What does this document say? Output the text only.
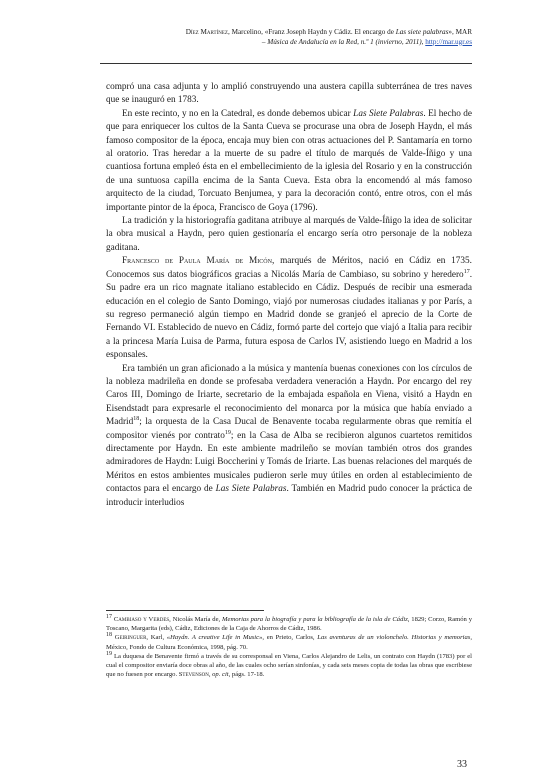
Díez Martínez, Marcelino, «Franz Joseph Haydn y Cádiz. El encargo de Las siete palabras», MAR
– Música de Andalucía en la Red, n.º 1 (invierno, 2011), http://mar.ugr.es

compró una casa adjunta y lo amplió construyendo una austera capilla subterránea de tres naves que se inauguró en 1783.

En este recinto, y no en la Catedral, es donde debemos ubicar Las Siete Palabras. El hecho de que para enriquecer los cultos de la Santa Cueva se procurase una obra de Joseph Haydn, el más famoso compositor de la época, encaja muy bien con otras actuaciones del P. Santamaría en torno al oratorio. Tras heredar a la muerte de su padre el título de marqués de Valde-Íñigo y una cuantiosa fortuna empleó ésta en el embellecimiento de la iglesia del Rosario y en la construcción de una suntuosa capilla encima de la Santa Cueva. Esta obra la encomendó al más famoso arquitecto de la ciudad, Torcuato Benjumea, y para la decoración contó, entre otros, con el más importante pintor de la época, Francisco de Goya (1796).

La tradición y la historiografía gaditana atribuye al marqués de Valde-Íñigo la idea de solicitar la obra musical a Haydn, pero quien gestionaría el encargo sería otro personaje de la nobleza gaditana.

Francesco de Paula María de Micón, marqués de Méritos, nació en Cádiz en 1735. Conocemos sus datos biográficos gracias a Nicolás María de Cambiaso, su sobrino y heredero$^{17}$. Su padre era un rico magnate italiano establecido en Cádiz. Después de recibir una esmerada educación en el colegio de Santo Domingo, viajó por numerosas ciudades italianas y por París, a su regreso permaneció algún tiempo en Madrid donde se granjeó el aprecio de la Corte de Fernando VI. Establecido de nuevo en Cádiz, formó parte del cortejo que viajó a Italia para recibir a la princesa María Luisa de Parma, futura esposa de Carlos IV, asistiendo luego en Madrid a los esponsales.

Era también un gran aficionado a la música y mantenía buenas conexiones con los círculos de la nobleza madrileña en donde se profesaba verdadera veneración a Haydn. Por encargo del rey Caros III, Domingo de Iriarte, secretario de la embajada española en Viena, visitó a Haydn en Eisendstadt para expresarle el reconocimiento del monarca por la música que había enviado a Madrid$^{18}$; la orquesta de la Casa Ducal de Benavente tocaba regularmente obras que remitía el compositor vienés por contrato$^{19}$; en la Casa de Alba se recibieron algunos cuartetos remitidos directamente por Haydn. En este ambiente madrileño se movían también otros dos grandes admiradores de Haydn: Luigi Boccherini y Tomás de Iriarte. Las buenas relaciones del marqués de Méritos en estos ambientes musicales pudieron serle muy útiles en orden al establecimiento de contactos para el encargo de Las Siete Palabras. También en Madrid pudo conocer la práctica de introducir interludios

$^{17}$ Cambiaso y Verdes, Nicolás María de, Memorias para la biografía y para la bibliografía de la isla de Cádiz, 1829; Corzo, Ramón y Toscano, Margarita (eds), Cádiz, Ediciones de la Caja de Ahorros de Cádiz, 1986.

$^{18}$ Geiringuer, Karl, «Haydn. A creative Life in Music», en Prieto, Carlos, Las aventuras de un violonchelo. Historias y memorias, México, Fondo de Cultura Económica, 1998, pág. 70.

$^{19}$ La duquesa de Benavente firmó a través de su corresponsal en Viena, Carlos Alejandro de Lelis, un contrato con Haydn (1783) por el cual el compositor enviaría doce obras al año, de las cuales ocho serían sinfonías, y cada seis meses copia de todas las obras que escribiese que no fuesen por encargo. Stevenson, op. cit, págs. 17-18.

33
